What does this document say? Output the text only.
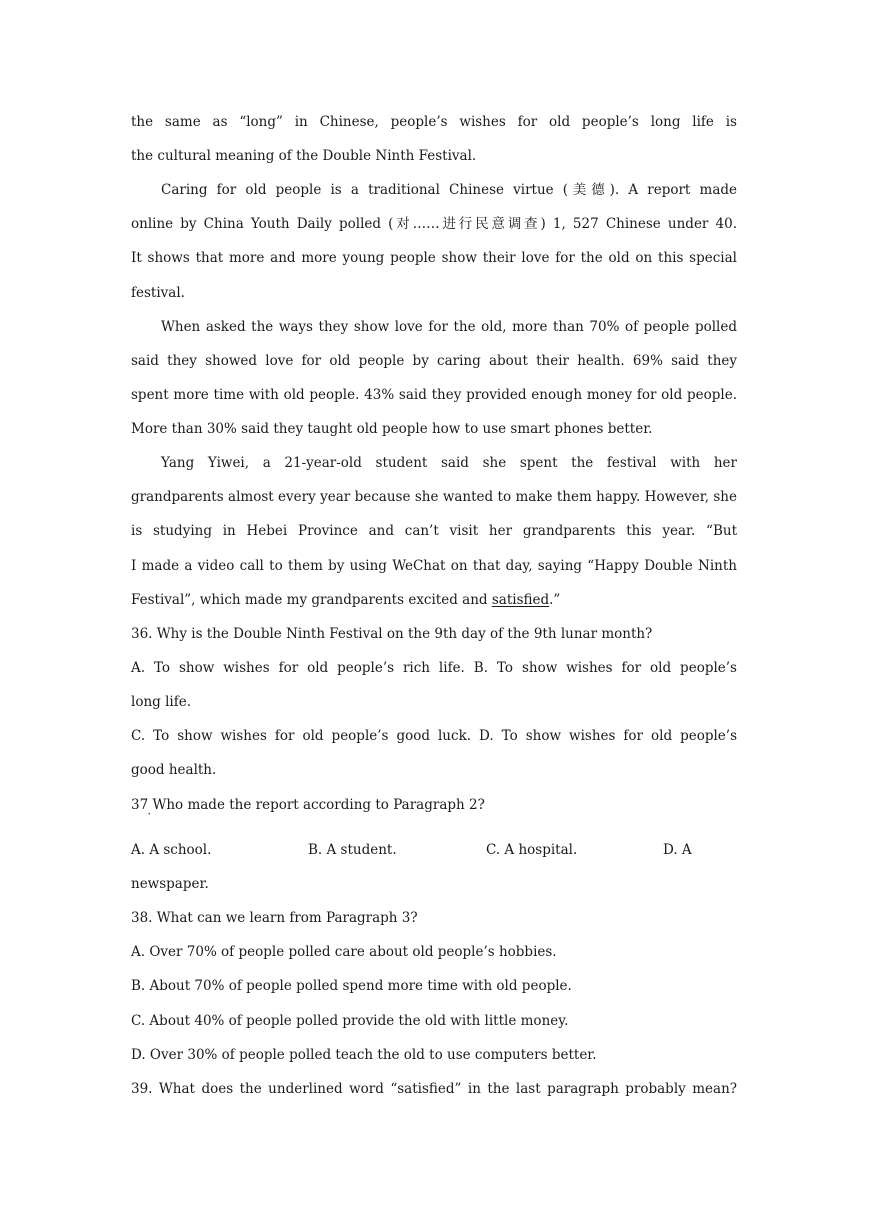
the same as “long” in Chinese, people’s wishes for old people’s long life is
the cultural meaning of the Double Ninth Festival.
Caring for old people is a traditional Chinese virtue (美德). A report made
online by China Youth Daily polled (对……进行民意调查) 1, 527 Chinese under 40.
It shows that more and more young people show their love for the old on this special
festival.
When asked the ways they show love for the old, more than 70% of people polled
said they showed love for old people by caring about their health. 69% said they
spent more time with old people. 43% said they provided enough money for old people.
More than 30% said they taught old people how to use smart phones better.
Yang Yiwei, a 21-year-old student said she spent the festival with her
grandparents almost every year because she wanted to make them happy. However, she
is studying in Hebei Province and can’t visit her grandparents this year. “But
I made a video call to them by using WeChat on that day, saying “Happy Double Ninth
Festival”, which made my grandparents excited and satisfied.”
36. Why is the Double Ninth Festival on the 9th day of the 9th lunar month?
A. To show wishes for old people’s rich life. B. To show wishes for old people’s
long life.
C. To show wishes for old people’s good luck. D. To show wishes for old people’s
good health.
37 Who made the report according to Paragraph 2?
˙
A. A school.	B. A student.	C. A hospital.	D. A
newspaper.
38. What can we learn from Paragraph 3?
A. Over 70% of people polled care about old people’s hobbies.
B. About 70% of people polled spend more time with old people.
C. About 40% of people polled provide the old with little money.
D. Over 30% of people polled teach the old to use computers better.
39. What does the underlined word “satisfied” in the last paragraph probably mean?
